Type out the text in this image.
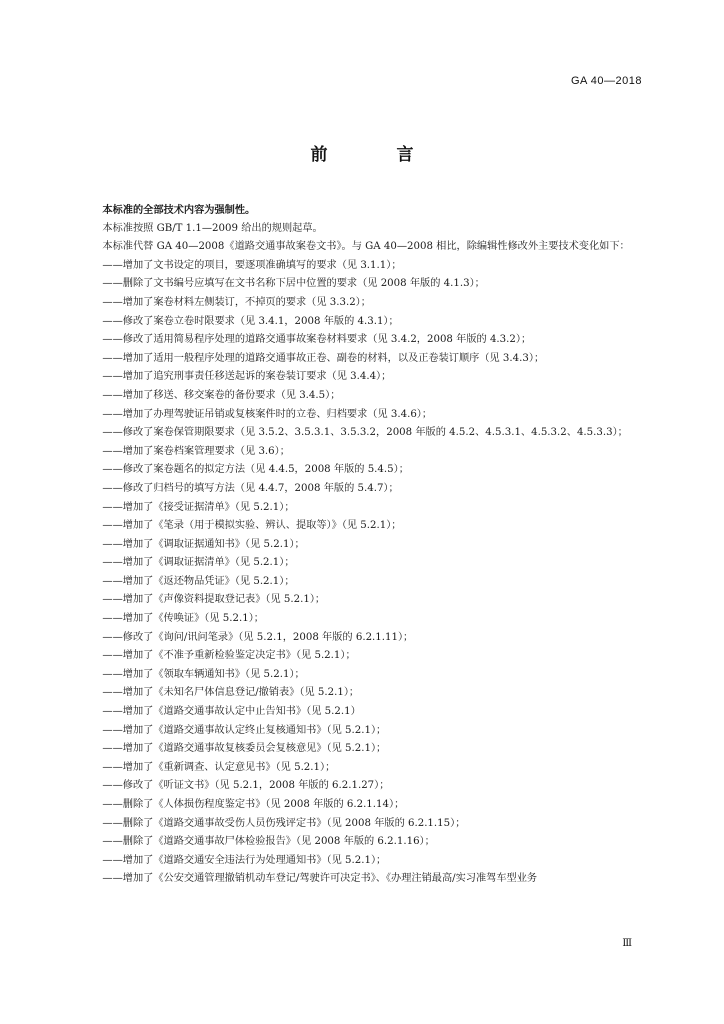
GA 40—2018
前　言

本标准的全部技术内容为强制性。

本标准按照 GB/T 1.1—2009 给出的规则起草。

本标准代替 GA 40—2008《道路交通事故案卷文书》。与 GA 40—2008 相比，除编辑性修改外主要技术变化如下：

——增加了文书设定的项目，要逐项准确填写的要求（见 3.1.1）；

——删除了文书编号应填写在文书名称下居中位置的要求（见 2008 年版的 4.1.3）；

——增加了案卷材料左侧装订，不掉页的要求（见 3.3.2）；

——修改了案卷立卷时限要求（见 3.4.1，2008 年版的 4.3.1）；

——修改了适用简易程序处理的道路交通事故案卷材料要求（见 3.4.2，2008 年版的 4.3.2）；

——增加了适用一般程序处理的道路交通事故正卷、副卷的材料，以及正卷装订顺序（见 3.4.3）；

——增加了追究刑事责任移送起诉的案卷装订要求（见 3.4.4）；

——增加了移送、移交案卷的备份要求（见 3.4.5）；

——增加了办理驾驶证吊销或复核案件时的立卷、归档要求（见 3.4.6）；

——修改了案卷保管期限要求（见 3.5.2、3.5.3.1、3.5.3.2，2008 年版的 4.5.2、4.5.3.1、4.5.3.2、4.5.3.3）；

——增加了案卷档案管理要求（见 3.6）；

——修改了案卷题名的拟定方法（见 4.4.5，2008 年版的 5.4.5）；

——修改了归档号的填写方法（见 4.4.7，2008 年版的 5.4.7）；

——增加了《接受证据清单》（见 5.2.1）；

——增加了《笔录（用于模拟实验、辨认、提取等）》（见 5.2.1）；

——增加了《调取证据通知书》（见 5.2.1）；

——增加了《调取证据清单》（见 5.2.1）；

——增加了《返还物品凭证》（见 5.2.1）；

——增加了《声像资料提取登记表》（见 5.2.1）；

——增加了《传唤证》（见 5.2.1）；

——修改了《询问/讯问笔录》（见 5.2.1，2008 年版的 6.2.1.11）；

——增加了《不准予重新检验鉴定决定书》（见 5.2.1）；

——增加了《领取车辆通知书》（见 5.2.1）；

——增加了《未知名尸体信息登记/撤销表》（见 5.2.1）；

——增加了《道路交通事故认定中止告知书》（见 5.2.1）

——增加了《道路交通事故认定终止复核通知书》（见 5.2.1）；

——增加了《道路交通事故复核委员会复核意见》（见 5.2.1）；

——增加了《重新调查、认定意见书》（见 5.2.1）；

——修改了《听证文书》（见 5.2.1，2008 年版的 6.2.1.27）；

——删除了《人体损伤程度鉴定书》（见 2008 年版的 6.2.1.14）；

——删除了《道路交通事故受伤人员伤残评定书》（见 2008 年版的 6.2.1.15）；

——删除了《道路交通事故尸体检验报告》（见 2008 年版的 6.2.1.16）；

——增加了《道路交通安全违法行为处理通知书》（见 5.2.1）；

——增加了《公安交通管理撤销机动车登记/驾驶许可决定书》、《办理注销最高/实习准驾车型业务

Ⅲ
